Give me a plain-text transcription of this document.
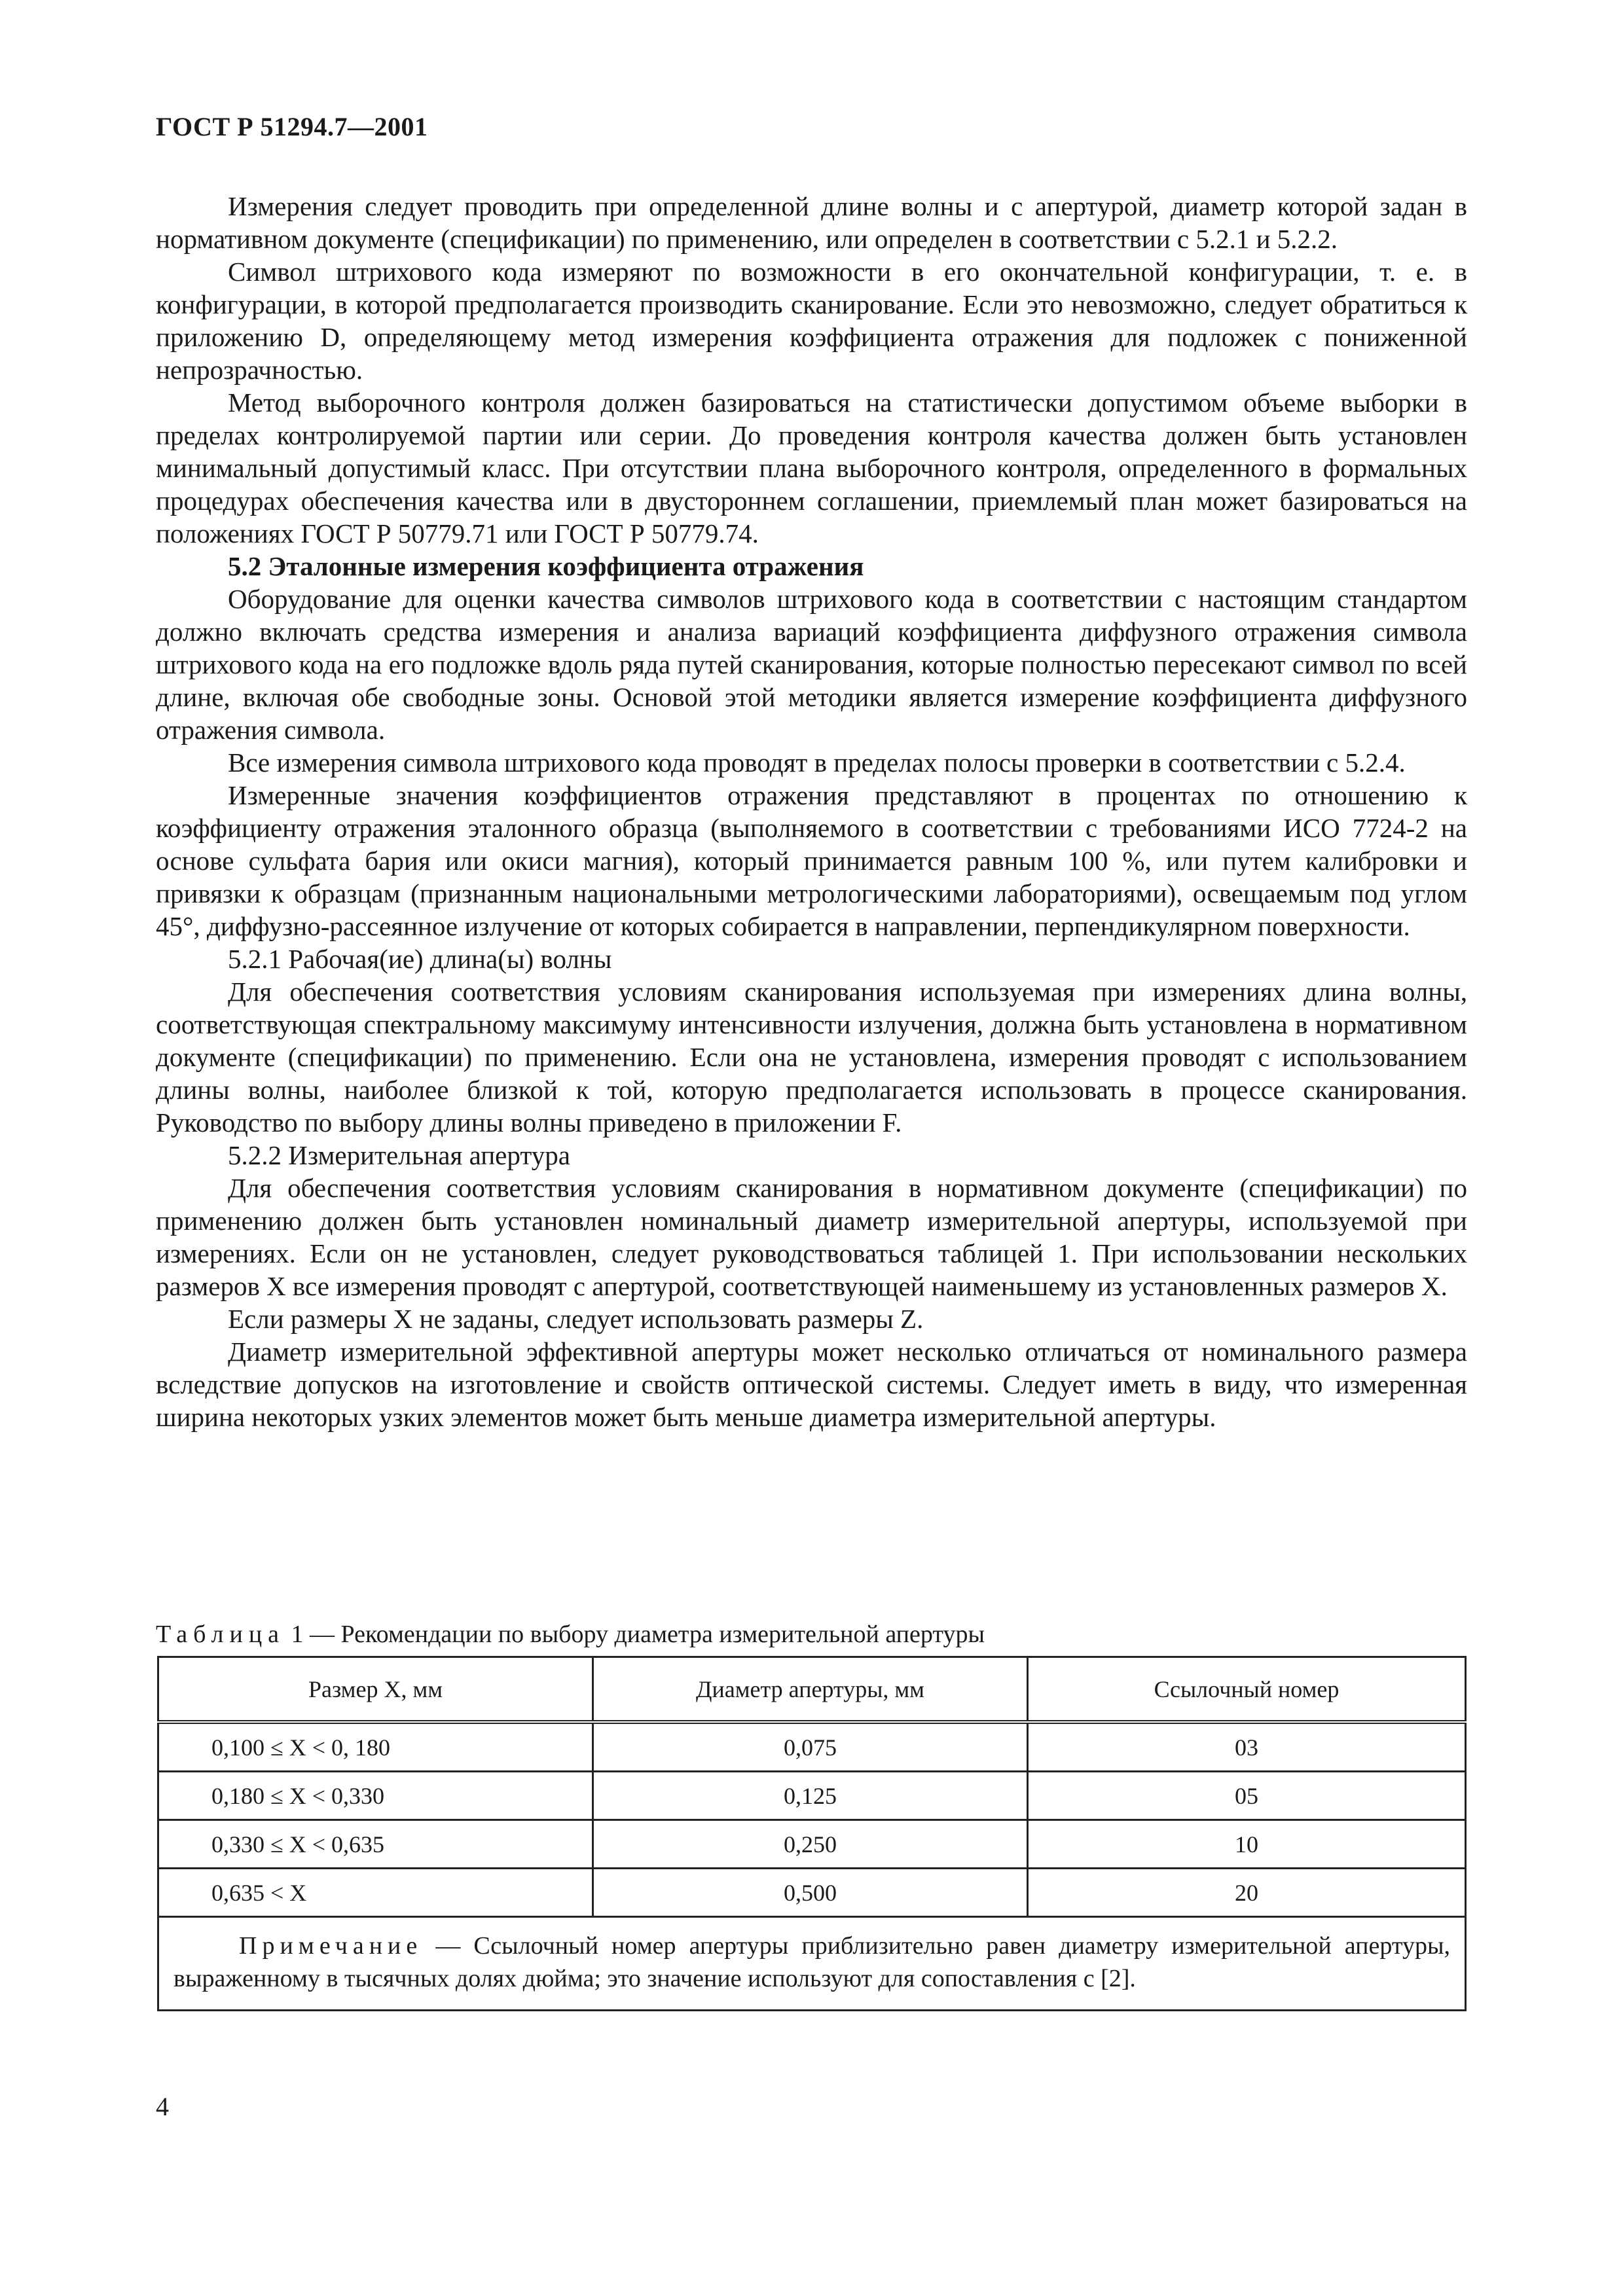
ГОСТ Р 51294.7—2001

Измерения следует проводить при определенной длине волны и с апертурой, диаметр которой задан в нормативном документе (спецификации) по применению, или определен в соответствии с 5.2.1 и 5.2.2.

Символ штрихового кода измеряют по возможности в его окончательной конфигурации, т. е. в конфигурации, в которой предполагается производить сканирование. Если это невозможно, следует обратиться к приложению D, определяющему метод измерения коэффициента отражения для подложек с пониженной непрозрачностью.

Метод выборочного контроля должен базироваться на статистически допустимом объеме выборки в пределах контролируемой партии или серии. До проведения контроля качества должен быть установлен минимальный допустимый класс. При отсутствии плана выборочного контроля, определенного в формальных процедурах обеспечения качества или в двустороннем соглашении, приемлемый план может базироваться на положениях ГОСТ Р 50779.71 или ГОСТ Р 50779.74.

5.2 Эталонные измерения коэффициента отражения

Оборудование для оценки качества символов штрихового кода в соответствии с настоящим стандартом должно включать средства измерения и анализа вариаций коэффициента диффузного отражения символа штрихового кода на его подложке вдоль ряда путей сканирования, которые полностью пересекают символ по всей длине, включая обе свободные зоны. Основой этой методики является измерение коэффициента диффузного отражения символа.

Все измерения символа штрихового кода проводят в пределах полосы проверки в соответствии с 5.2.4.

Измеренные значения коэффициентов отражения представляют в процентах по отношению к коэффициенту отражения эталонного образца (выполняемого в соответствии с требованиями ИСО 7724-2 на основе сульфата бария или окиси магния), который принимается равным 100 %, или путем калибровки и привязки к образцам (признанным национальными метрологическими лабораториями), освещаемым под углом 45°, диффузно-рассеянное излучение от которых собирается в направлении, перпендикулярном поверхности.

5.2.1 Рабочая(ие) длина(ы) волны

Для обеспечения соответствия условиям сканирования используемая при измерениях длина волны, соответствующая спектральному максимуму интенсивности излучения, должна быть установлена в нормативном документе (спецификации) по применению. Если она не установлена, измерения проводят с использованием длины волны, наиболее близкой к той, которую предполагается использовать в процессе сканирования. Руководство по выбору длины волны приведено в приложении F.

5.2.2 Измерительная апертура

Для обеспечения соответствия условиям сканирования в нормативном документе (спецификации) по применению должен быть установлен номинальный диаметр измерительной апертуры, используемой при измерениях. Если он не установлен, следует руководствоваться таблицей 1. При использовании нескольких размеров X все измерения проводят с апертурой, соответствующей наименьшему из установленных размеров X.

Если размеры X не заданы, следует использовать размеры Z.

Диаметр измерительной эффективной апертуры может несколько отличаться от номинального размера вследствие допусков на изготовление и свойств оптической системы. Следует иметь в виду, что измеренная ширина некоторых узких элементов может быть меньше диаметра измерительной апертуры.

Таблица 1 — Рекомендации по выбору диаметра измерительной апертуры
Размер X, мм	Диаметр апертуры, мм	Ссылочный номер
0,100 ≤ X < 0, 180	0,075	03
0,180 ≤ X < 0,330	0,125	05
0,330 ≤ X < 0,635	0,250	10
0,635 < X	0,500	20
Примечание — Ссылочный номер апертуры приблизительно равен диаметру измерительной апертуры, выраженному в тысячных долях дюйма; это значение используют для сопоставления с [2].		
4
